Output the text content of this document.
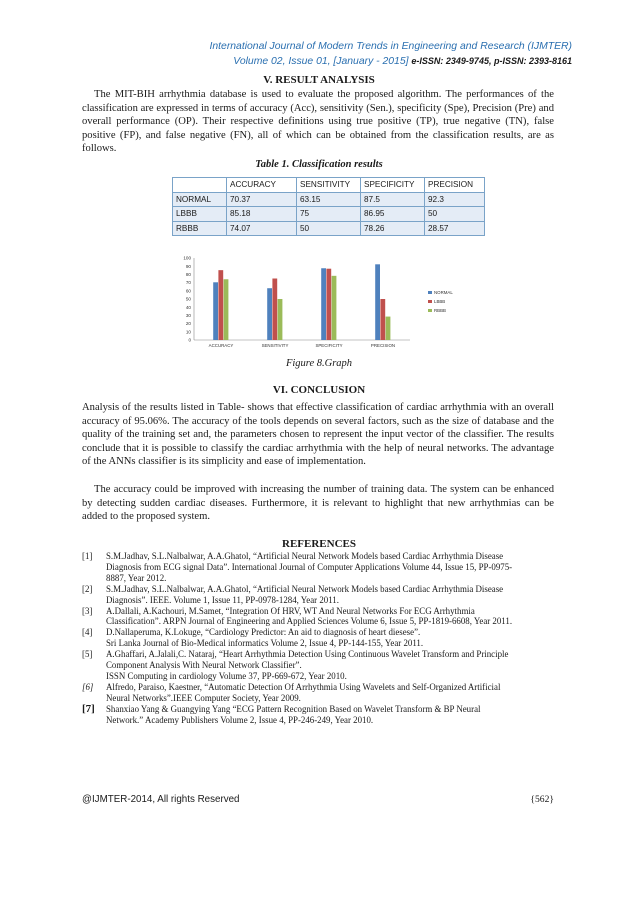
International Journal of Modern Trends in Engineering and Research (IJMTER)
Volume 02, Issue 01, [January - 2015] e-ISSN: 2349-9745, p-ISSN: 2393-8161
V. RESULT ANALYSIS

The MIT-BIH arrhythmia database is used to evaluate the proposed algorithm. The performances of the classification are expressed in terms of accuracy (Acc), sensitivity (Sen.), specificity (Spe), Precision (Pre) and overall performance (OP). Their respective definitions using true positive (TP), true negative (TN), false positive (FP), and false negative (FN), all of which can be obtained from the classification results, are as follows.

Table 1. Classification results
	ACCURACY	SENSITIVITY	SPECIFICITY	PRECISION
NORMAL	70.37	63.15	87.5	92.3
LBBB	85.18	75	86.95	50
RBBB	74.07	50	78.26	28.57
0
10
20
30
40
50
60
70
80
90
100
ACCURACY	SENSITIVITY	SPECIFICITY	PRECISION
NORMAL
LBBB
RBBB
Figure 8.Graph
VI. CONCLUSION

Analysis of the results listed in Table- shows that effective classification of cardiac arrhythmia with an overall accuracy of 95.06%. The accuracy of the tools depends on several factors, such as the size of database and the quality of the training set and, the parameters chosen to represent the input vector of the classifier. The results conclude that it is possible to classify the cardiac arrhythmia with the help of neural networks. The advantage of the ANNs classifier is its simplicity and ease of implementation.

The accuracy could be improved with increasing the number of training data. The system can be enhanced by detecting sudden cardiac diseases. Furthermore, it is relevant to highlight that new arrhythmias can be added to the proposed system.

REFERENCES
[1]	S.M.Jadhav, S.L.Nalbalwar, A.A.Ghatol, “Artificial Neural Network Models based Cardiac Arrhythmia Disease
Diagnosis from ECG signal Data”. International Journal of Computer Applications Volume 44, Issue 15, PP-0975-
8887, Year 2012.
[2]	S.M.Jadhav, S.L.Nalbalwar, A.A.Ghatol, “Artificial Neural Network Models based Cardiac Arrhythmia Disease
Diagnosis”. IEEE. Volume 1, Issue 11, PP-0978-1284, Year 2011.
[3]	A.Dallali, A.Kachouri, M.Samet, “Integration Of HRV, WT And Neural Networks For ECG Arrhythmia
Classification”. ARPN Journal of Engineering and Applied Sciences Volume 6, Issue 5, PP-1819-6608, Year 2011.
[4]	D.Nallaperuma, K.Lokuge, “Cardiology Predictor: An aid to diagnosis of heart diesese”.
Sri Lanka Journal of Bio-Medical informatics Volume 2, Issue 4, PP-144-155, Year 2011.
[5]	A.Ghaffari, A.Jalali,C. Nataraj, “Heart Arrhythmia Detection Using Continuous Wavelet Transform and Principle
Component Analysis With Neural Network Classifier”.
ISSN Computing in cardiology Volume 37, PP-669-672, Year 2010.
[6]	Alfredo, Paraiso, Kaestner, “Automatic Detection Of Arrhythmia Using Wavelets and Self-Organized Artificial
Neural Networks”.IEEE Computer Society, Year 2009.
[7]	Shanxiao Yang & Guangying Yang “ECG Pattern Recognition Based on Wavelet Transform & BP Neural
Network.” Academy Publishers Volume 2, Issue 4, PP-246-249, Year 2010.
@IJMTER-2014, All rights Reserved	{562}
